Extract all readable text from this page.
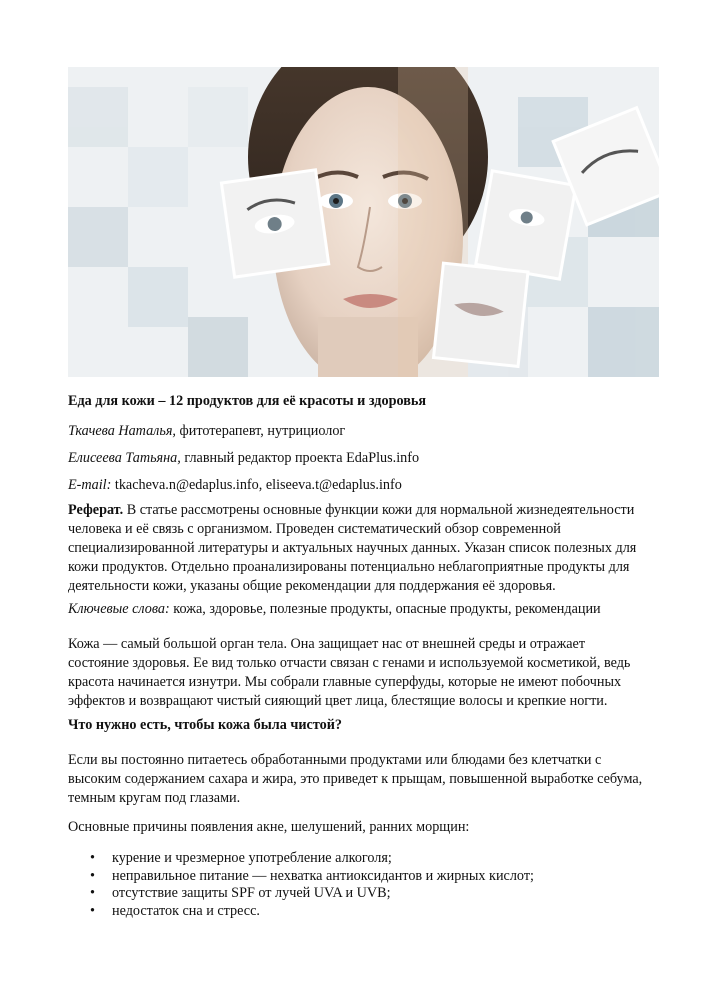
Еда для кожи – 12 продуктов для её красоты и здоровья
Ткачева Наталья, фитотерапевт, нутрициолог
Елисеева Татьяна, главный редактор проекта EdaPlus.info
E-mail: tkacheva.n@edaplus.info, eliseeva.t@edaplus.info
Реферат. В статье рассмотрены основные функции кожи для нормальной жизнедеятельности человека и её связь с организмом. Проведен систематический обзор современной специализированной литературы и актуальных научных данных. Указан список полезных для кожи продуктов. Отдельно проанализированы потенциально неблагоприятные продукты для деятельности кожи, указаны общие рекомендации для поддержания её здоровья.
Ключевые слова: кожа, здоровье, полезные продукты, опасные продукты, рекомендации
Кожа — самый большой орган тела. Она защищает нас от внешней среды и отражает состояние здоровья. Ее вид только отчасти связан с генами и используемой косметикой, ведь красота начинается изнутри. Мы собрали главные суперфуды, которые не имеют побочных эффектов и возвращают чистый сияющий цвет лица, блестящие волосы и крепкие ногти.
Что нужно есть, чтобы кожа была чистой?
Если вы постоянно питаетесь обработанными продуктами или блюдами без клетчатки с высоким содержанием сахара и жира, это приведет к прыщам, повышенной выработке себума, темным кругам под глазами.
Основные причины появления акне, шелушений, ранних морщин:
• курение и чрезмерное употребление алкоголя;
• неправильное питание — нехватка антиоксидантов и жирных кислот;
• отсутствие защиты SPF от лучей UVA и UVB;
• недостаток сна и стресс.
